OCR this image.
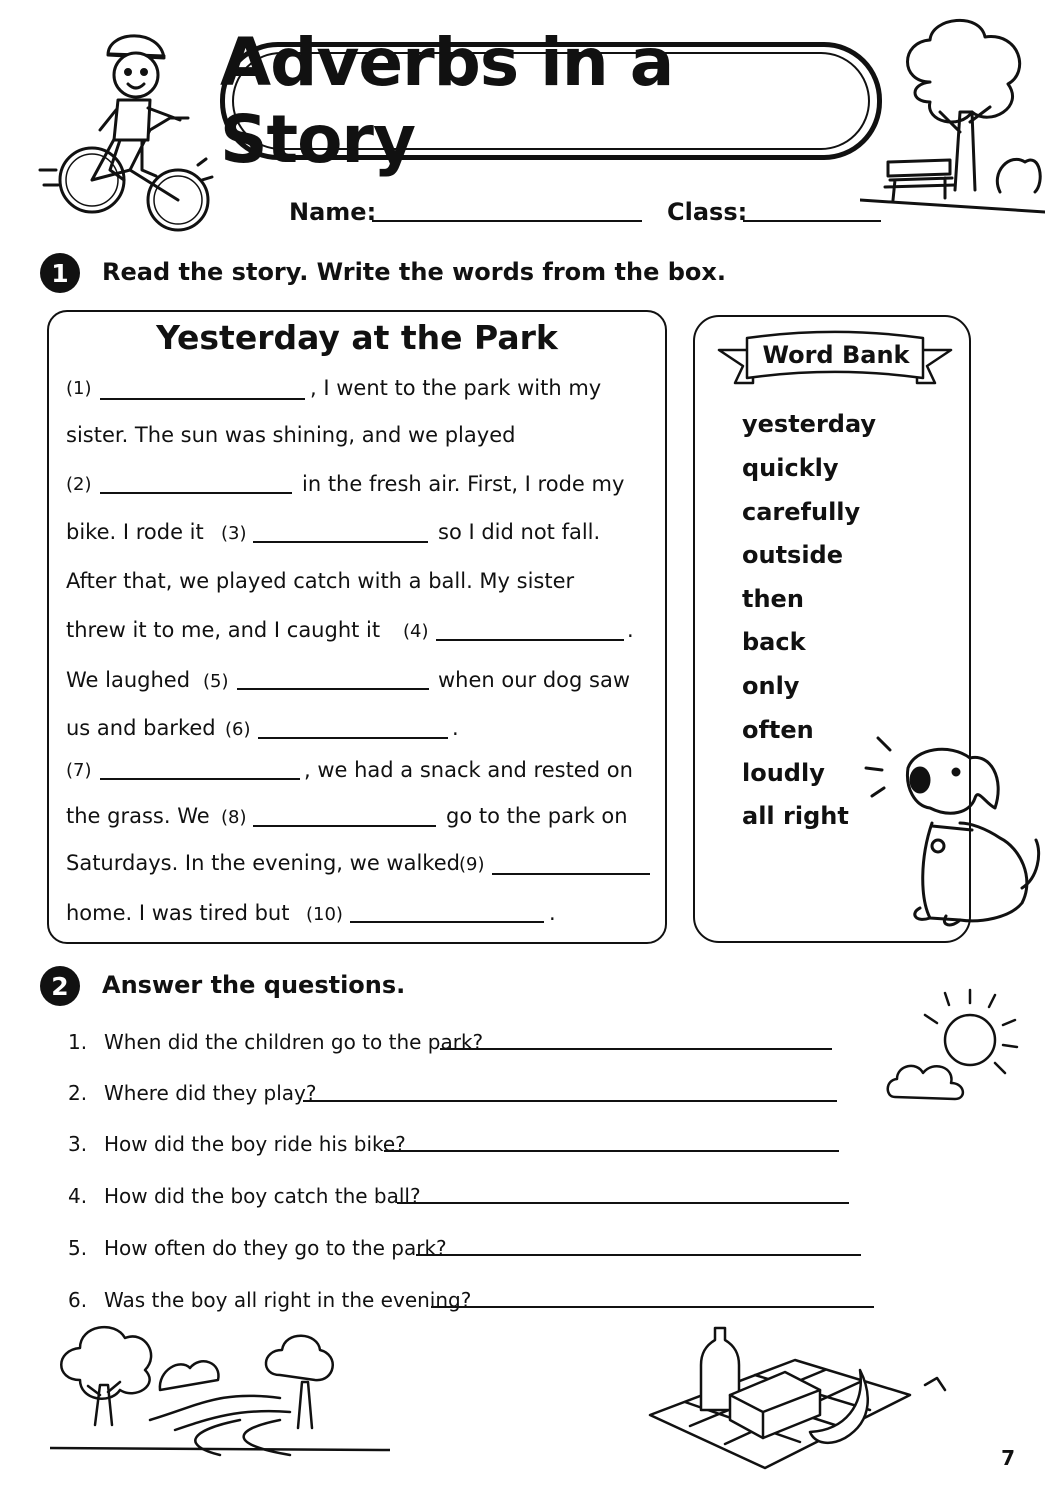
Adverbs in a Story
Name:	Class:
1	Read the story. Write the words from the box.
Yesterday at the Park
(1)	, I went to the park with my
sister. The sun was shining, and we played
(2)	in the fresh air. First, I rode my
bike. I rode it (3)	so I did not fall.
After that, we played catch with a ball. My sister
threw it to me, and I caught it (4)	.
We laughed (5)	when our dog saw
us and barked (6)	.
(7)	, we had a snack and rested on
the grass. We (8)	go to the park on
Saturdays. In the evening, we walked (9)
home. I was tired but (10)	.
Word Bank
yesterday
quickly
carefully
outside
then
back
only
often
loudly
all right
2	Answer the questions.
1. When did the children go to the park?
2. Where did they play?
3. How did the boy ride his bike?
4. How did the boy catch the ball?
5. How often do they go to the park?
6. Was the boy all right in the evening?
7
